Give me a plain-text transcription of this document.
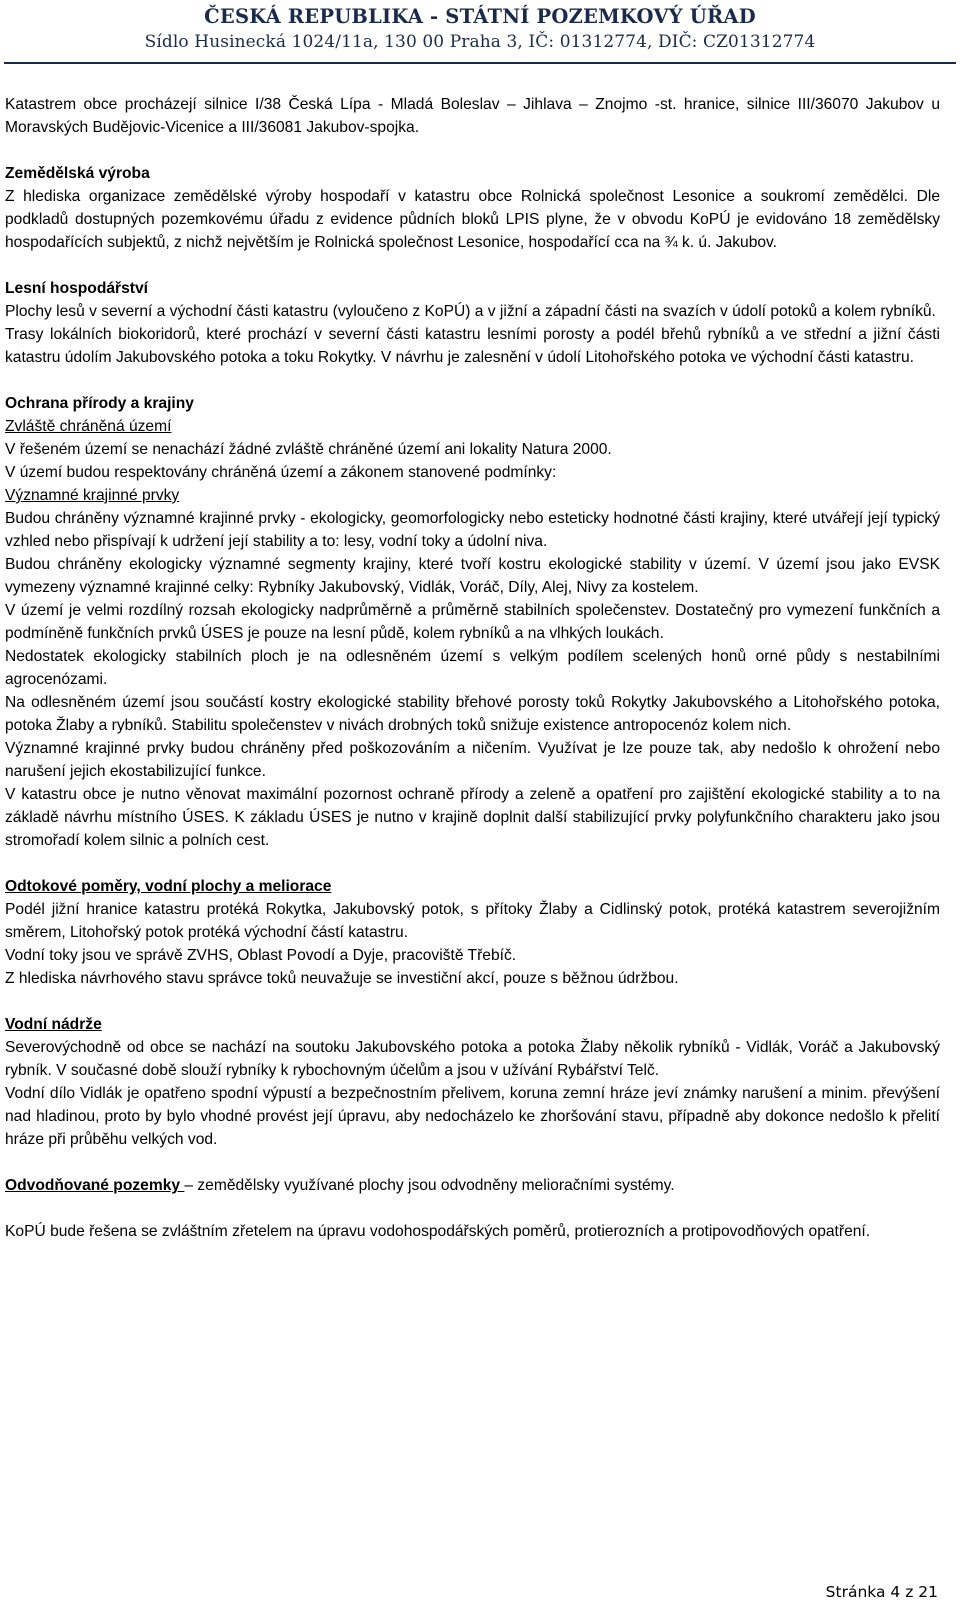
ČESKÁ REPUBLIKA - STÁTNÍ POZEMKOVÝ ÚŘAD
Sídlo Husinecká 1024/11a, 130 00 Praha 3, IČ: 01312774, DIČ: CZ01312774

Katastrem obce procházejí silnice I/38 Česká Lípa - Mladá Boleslav – Jihlava – Znojmo -st. hranice, silnice III/36070 Jakubov u Moravských Budějovic-Vicenice a III/36081 Jakubov-spojka.

Zemědělská výroba

Z hlediska organizace zemědělské výroby hospodaří v katastru obce Rolnická společnost Lesonice a soukromí zemědělci. Dle podkladů dostupných pozemkovému úřadu z evidence půdních bloků LPIS plyne, že v obvodu KoPÚ je evidováno 18 zemědělsky hospodařících subjektů, z nichž největším je Rolnická společnost Lesonice, hospodařící cca na ¾ k. ú. Jakubov.

Lesní hospodářství

Plochy lesů v severní a východní části katastru (vyloučeno z KoPÚ) a v jižní a západní části na svazích v údolí potoků a kolem rybníků.

Trasy lokálních biokoridorů, které prochází v severní části katastru lesními porosty a podél břehů rybníků a ve střední a jižní části katastru údolím Jakubovského potoka a toku Rokytky. V návrhu je zalesnění v údolí Litohořského potoka ve východní části katastru.

Ochrana přírody a krajiny

Zvláště chráněná území

V řešeném území se nenachází žádné zvláště chráněné území ani lokality Natura 2000.

V území budou respektovány chráněná území a zákonem stanovené podmínky:

Významné krajinné prvky

Budou chráněny významné krajinné prvky - ekologicky, geomorfologicky nebo esteticky hodnotné části krajiny, které utvářejí její typický vzhled nebo přispívají k udržení její stability a to: lesy, vodní toky a údolní niva.

Budou chráněny ekologicky významné segmenty krajiny, které tvoří kostru ekologické stability v území. V území jsou jako EVSK vymezeny významné krajinné celky: Rybníky Jakubovský, Vidlák, Voráč, Díly, Alej, Nivy za kostelem.

V území je velmi rozdílný rozsah ekologicky nadprůměrně a průměrně stabilních společenstev. Dostatečný pro vymezení funkčních a podmíněně funkčních prvků ÚSES je pouze na lesní půdě, kolem rybníků a na vlhkých loukách.

Nedostatek ekologicky stabilních ploch je na odlesněném území s velkým podílem scelených honů orné půdy s nestabilními agrocenózami.

Na odlesněném území jsou součástí kostry ekologické stability břehové porosty toků Rokytky Jakubovského a Litohořského potoka, potoka Žlaby a rybníků. Stabilitu společenstev v nivách drobných toků snižuje existence antropocenóz kolem nich.

Významné krajinné prvky budou chráněny před poškozováním a ničením. Využívat je lze pouze tak, aby nedošlo k ohrožení nebo narušení jejich ekostabilizující funkce.

V katastru obce je nutno věnovat maximální pozornost ochraně přírody a zeleně a opatření pro zajištění ekologické stability a to na základě návrhu místního ÚSES. K základu ÚSES je nutno v krajině doplnit další stabilizující prvky polyfunkčního charakteru jako jsou stromořadí kolem silnic a polních cest.

Odtokové poměry, vodní plochy a meliorace

Podél jižní hranice katastru protéká Rokytka, Jakubovský potok, s přítoky Žlaby a Cidlinský potok, protéká katastrem severojižním směrem, Litohořský potok protéká východní částí katastru.

Vodní toky jsou ve správě ZVHS, Oblast Povodí a Dyje, pracoviště Třebíč.

Z hlediska návrhového stavu správce toků neuvažuje se investiční akcí, pouze s běžnou údržbou.

Vodní nádrže

Severovýchodně od obce se nachází na soutoku Jakubovského potoka a potoka Žlaby několik rybníků - Vidlák, Voráč a Jakubovský rybník. V současné době slouží rybníky k rybochovným účelům a jsou v užívání Rybářství Telč.

Vodní dílo Vidlák je opatřeno spodní výpustí a bezpečnostním přelivem, koruna zemní hráze jeví známky narušení a minim. převýšení nad hladinou, proto by bylo vhodné provést její úpravu, aby nedocházelo ke zhoršování stavu, případně aby dokonce nedošlo k přelití hráze při průběhu velkých vod.

Odvodňované pozemky – zemědělsky využívané plochy jsou odvodněny melioračními systémy.

KoPÚ bude řešena se zvláštním zřetelem na úpravu vodohospodářských poměrů, protierozních a protipovodňových opatření.

Stránka 4 z 21
